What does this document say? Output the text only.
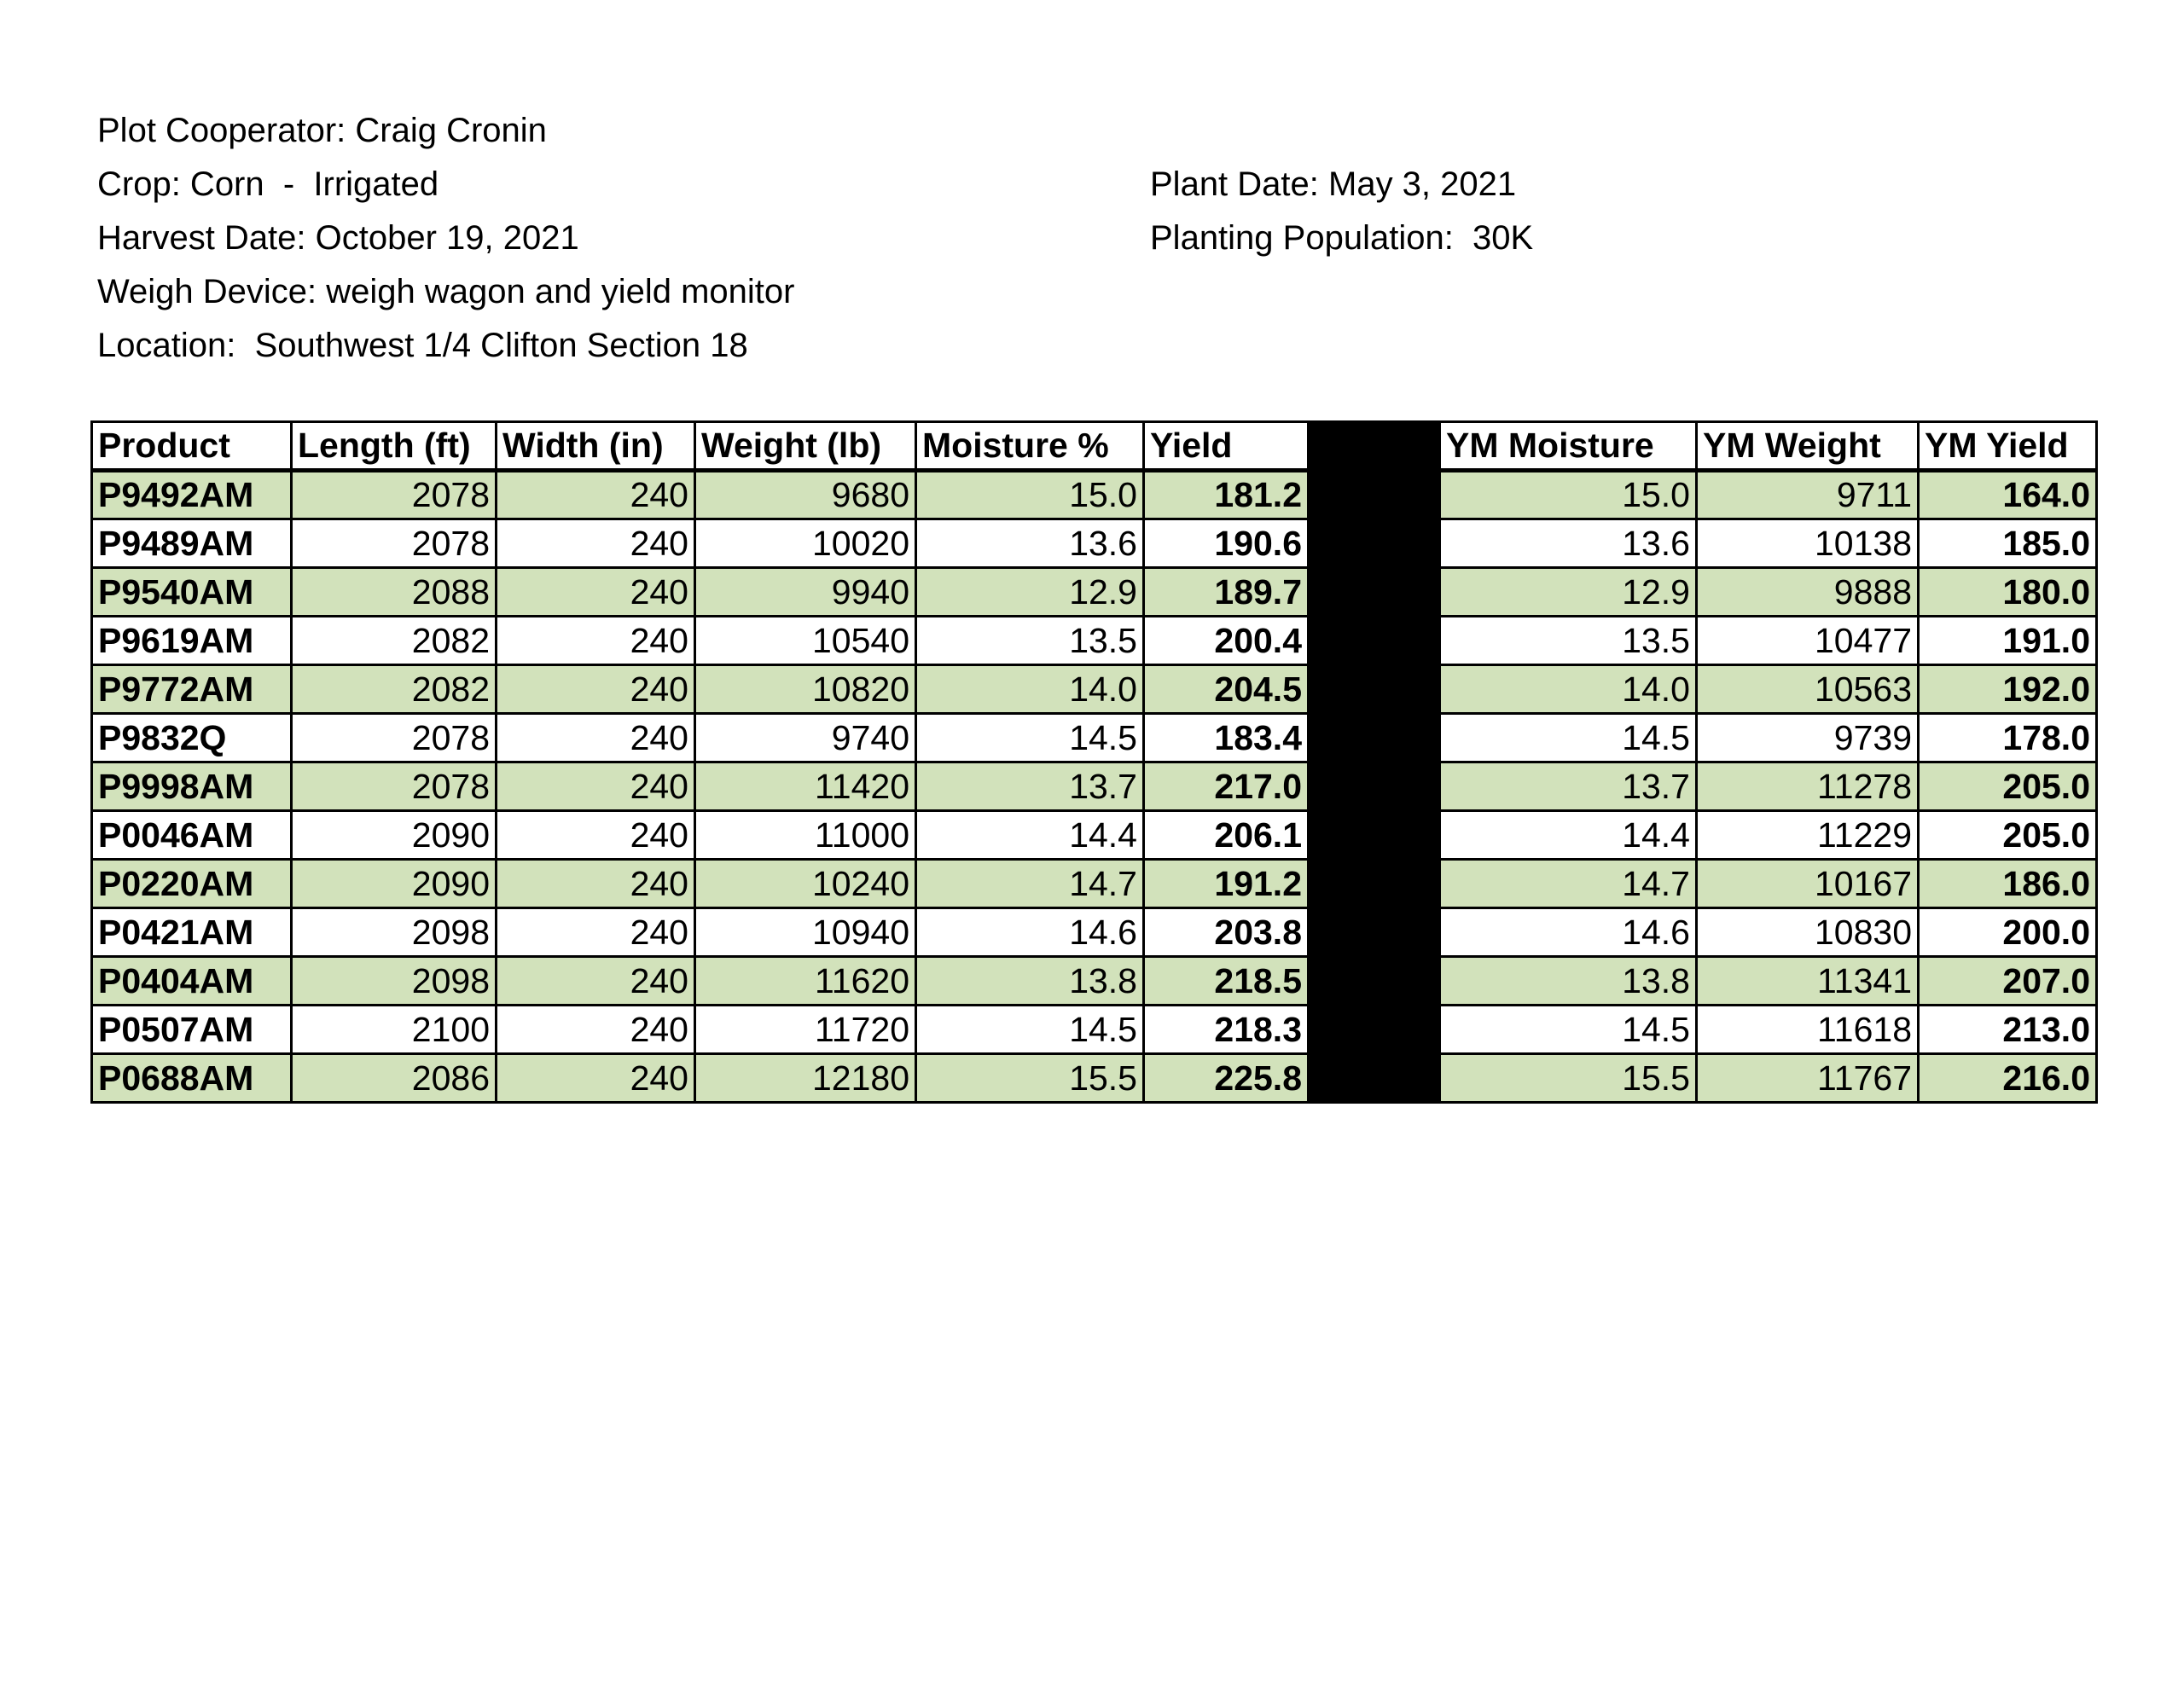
Plot Cooperator: Craig Cronin
Crop: Corn  -  Irrigated
Harvest Date: October 19, 2021
Weigh Device: weigh wagon and yield monitor
Location:  Southwest 1/4 Clifton Section 18
Plant Date: May 3, 2021
Planting Population:  30K
Product	Length (ft)	Width (in)	Weight (lb)	Moisture %	Yield		YM Moisture	YM Weight	YM Yield
P9492AM	2078	240	9680	15.0	181.2		15.0	9711	164.0
P9489AM	2078	240	10020	13.6	190.6		13.6	10138	185.0
P9540AM	2088	240	9940	12.9	189.7		12.9	9888	180.0
P9619AM	2082	240	10540	13.5	200.4		13.5	10477	191.0
P9772AM	2082	240	10820	14.0	204.5		14.0	10563	192.0
P9832Q	2078	240	9740	14.5	183.4		14.5	9739	178.0
P9998AM	2078	240	11420	13.7	217.0		13.7	11278	205.0
P0046AM	2090	240	11000	14.4	206.1		14.4	11229	205.0
P0220AM	2090	240	10240	14.7	191.2		14.7	10167	186.0
P0421AM	2098	240	10940	14.6	203.8		14.6	10830	200.0
P0404AM	2098	240	11620	13.8	218.5		13.8	11341	207.0
P0507AM	2100	240	11720	14.5	218.3		14.5	11618	213.0
P0688AM	2086	240	12180	15.5	225.8		15.5	11767	216.0
